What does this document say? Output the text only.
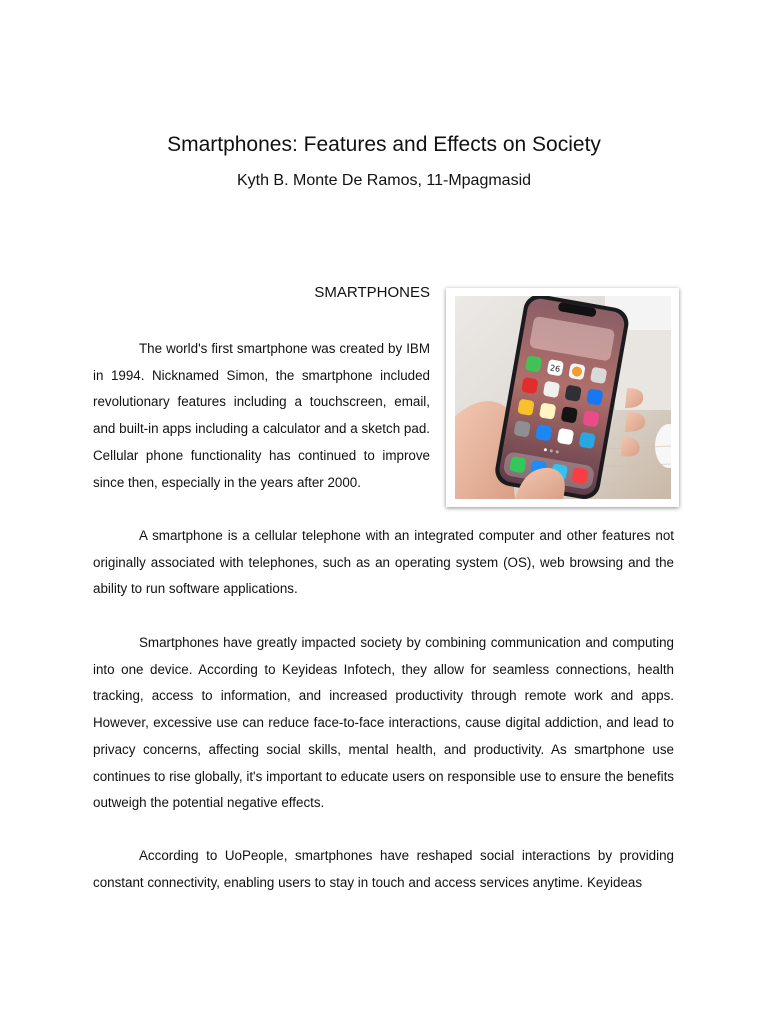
Smartphones: Features and Effects on Society
Kyth B. Monte De Ramos, 11-Mpagmasid
SMARTPHONES
26

The world's first smartphone was created by IBM in 1994. Nicknamed Simon, the smartphone included revolutionary features including a touchscreen, email, and built-in apps including a calculator and a sketch pad. Cellular phone functionality has continued to improve since then, especially in the years after 2000.

A smartphone is a cellular telephone with an integrated computer and other features not originally associated with telephones, such as an operating system (OS), web browsing and the ability to run software applications.

Smartphones have greatly impacted society by combining communication and computing into one device. According to Keyideas Infotech, they allow for seamless connections, health tracking, access to information, and increased productivity through remote work and apps. However, excessive use can reduce face-to-face interactions, cause digital addiction, and lead to privacy concerns, affecting social skills, mental health, and productivity. As smartphone use continues to rise globally, it's important to educate users on responsible use to ensure the benefits outweigh the potential negative effects.

According to UoPeople, smartphones have reshaped social interactions by providing constant connectivity, enabling users to stay in touch and access services anytime. Keyideas
